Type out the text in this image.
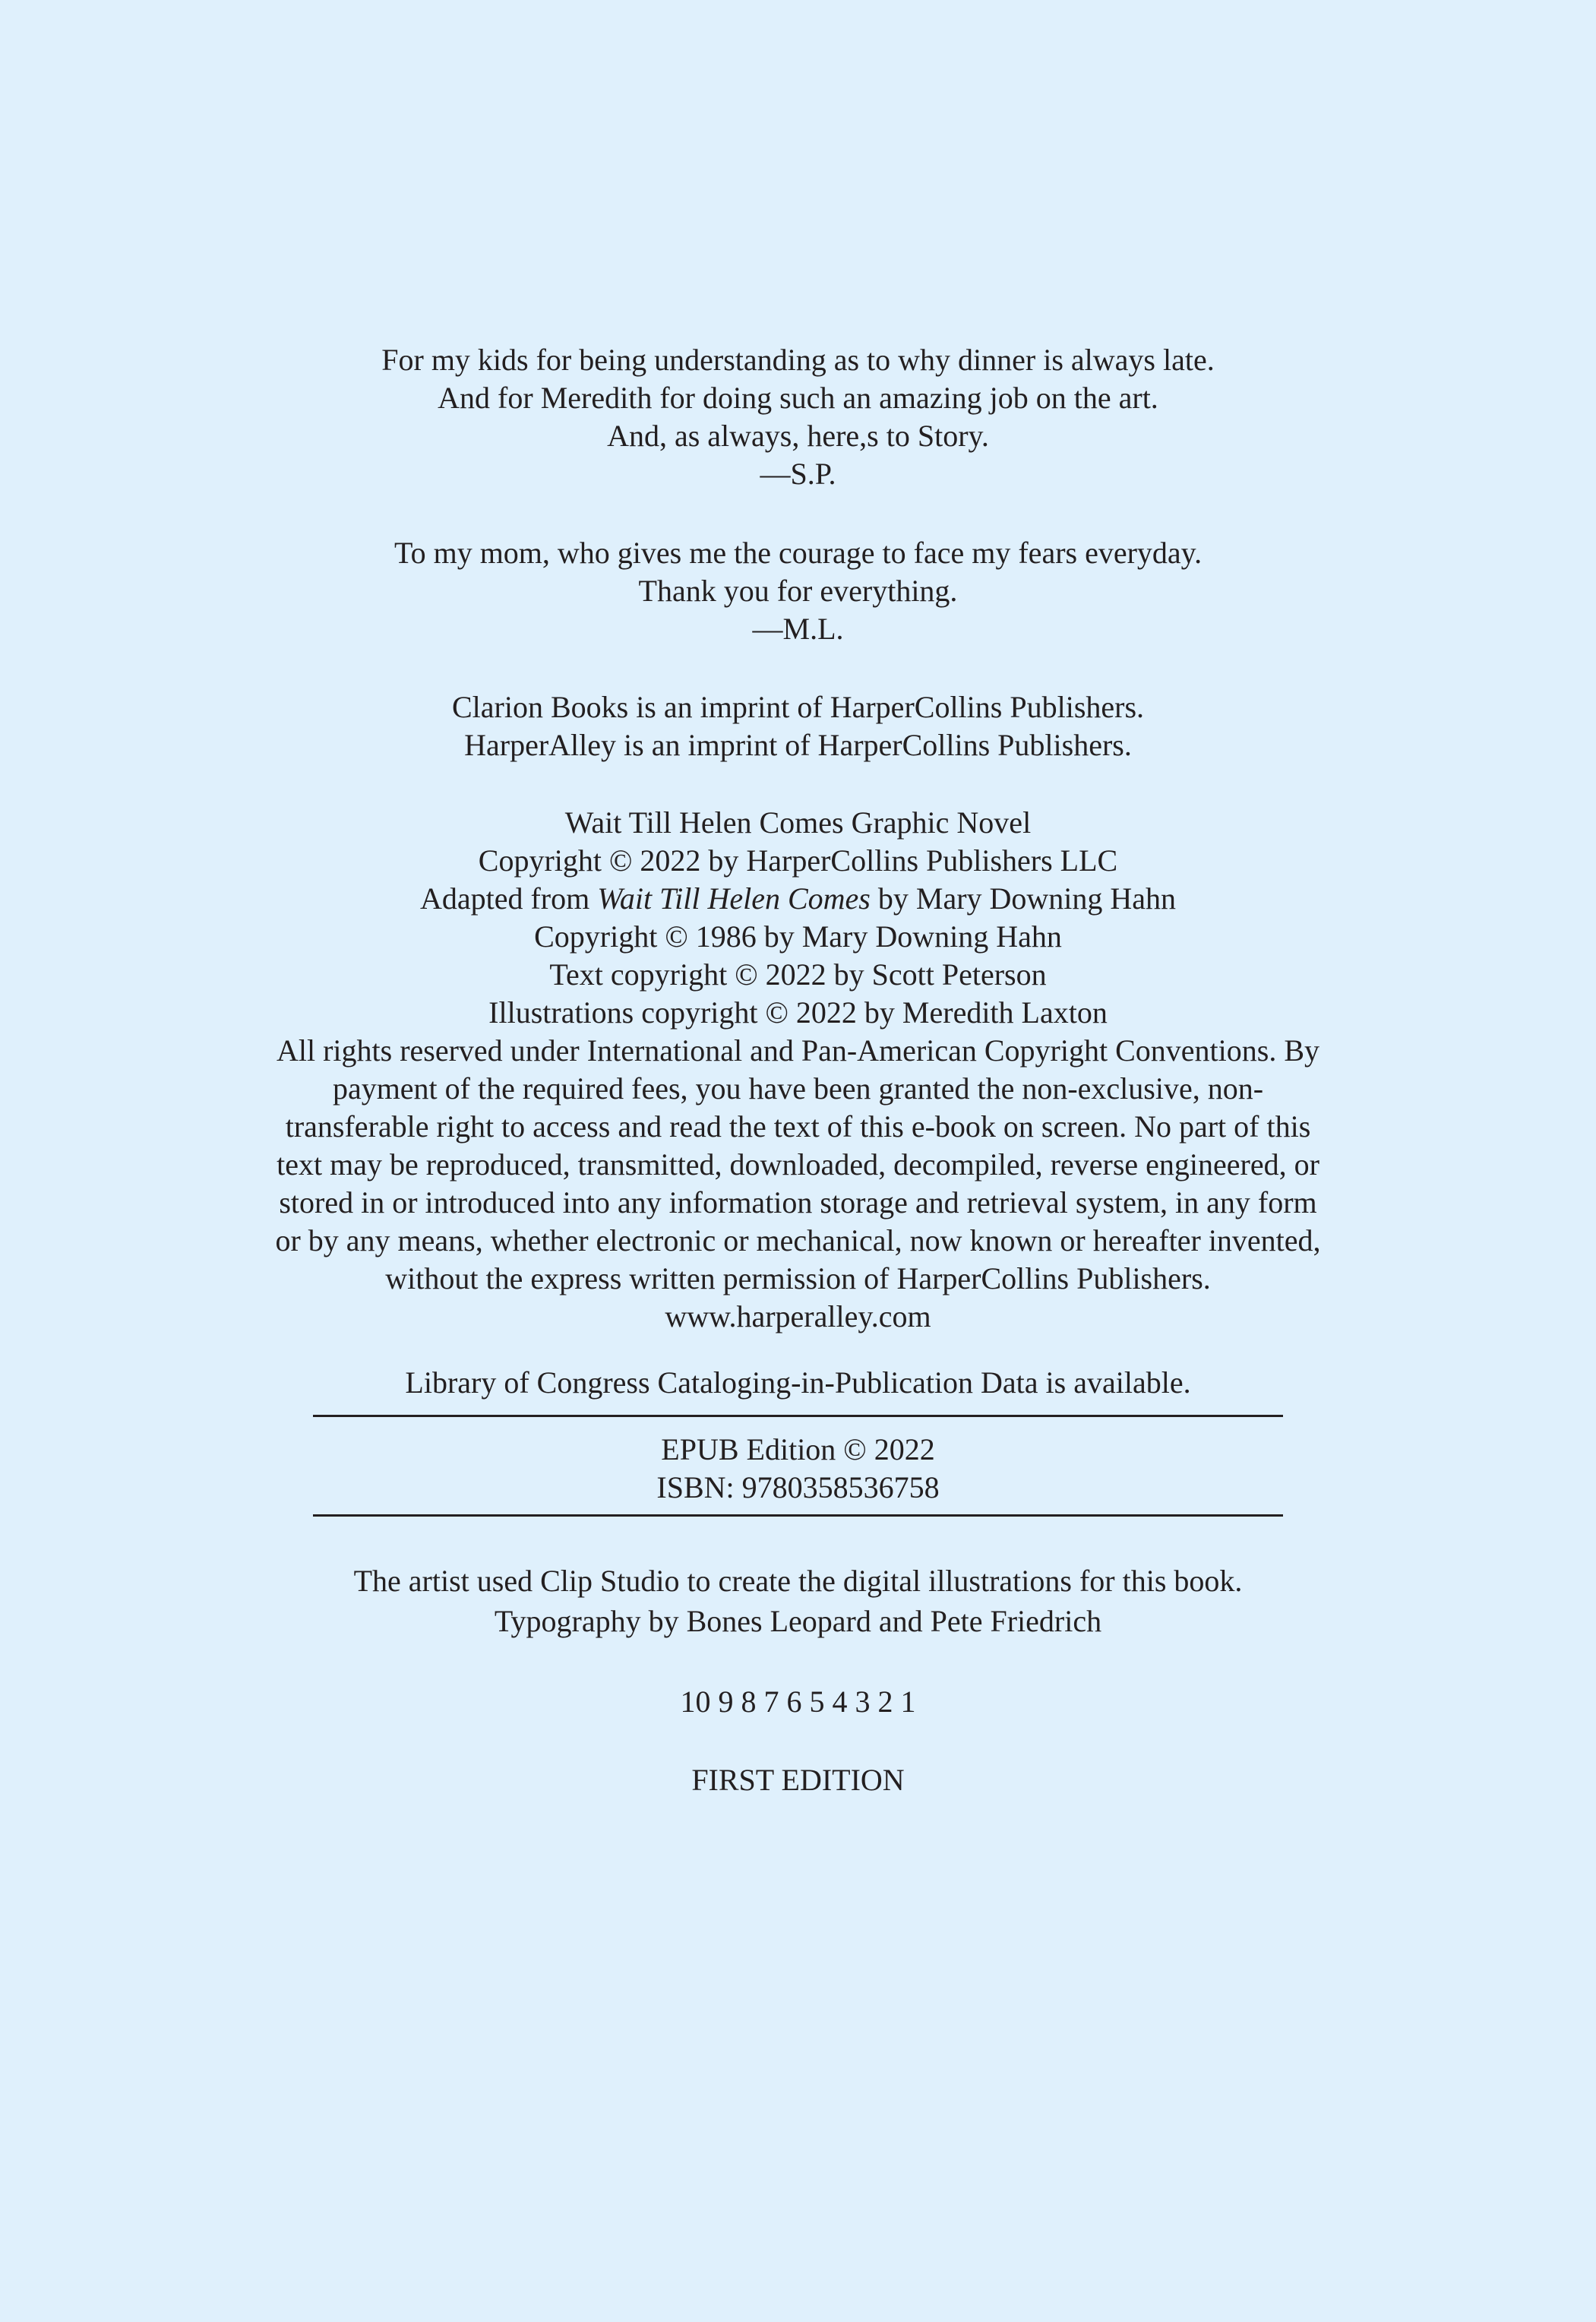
For my kids for being understanding as to why dinner is always late.
And for Meredith for doing such an amazing job on the art.
And, as always, here,s to Story.
—S.P.
To my mom, who gives me the courage to face my fears everyday.
Thank you for everything.
—M.L.
Clarion Books is an imprint of HarperCollins Publishers.
HarperAlley is an imprint of HarperCollins Publishers.
Wait Till Helen Comes Graphic Novel
Copyright © 2022 by HarperCollins Publishers LLC
Adapted from Wait Till Helen Comes by Mary Downing Hahn
Copyright © 1986 by Mary Downing Hahn
Text copyright © 2022 by Scott Peterson
Illustrations copyright © 2022 by Meredith Laxton
All rights reserved under International and Pan-American Copyright Conventions. By
payment of the required fees, you have been granted the non-exclusive, non-
transferable right to access and read the text of this e-book on screen. No part of this
text may be reproduced, transmitted, downloaded, decompiled, reverse engineered, or
stored in or introduced into any information storage and retrieval system, in any form
or by any means, whether electronic or mechanical, now known or hereafter invented,
without the express written permission of HarperCollins Publishers.
www.harperalley.com
Library of Congress Cataloging-in-Publication Data is available.
EPUB Edition © 2022
ISBN: 9780358536758
The artist used Clip Studio to create the digital illustrations for this book.
Typography by Bones Leopard and Pete Friedrich
10 9 8 7 6 5 4 3 2 1
FIRST EDITION
